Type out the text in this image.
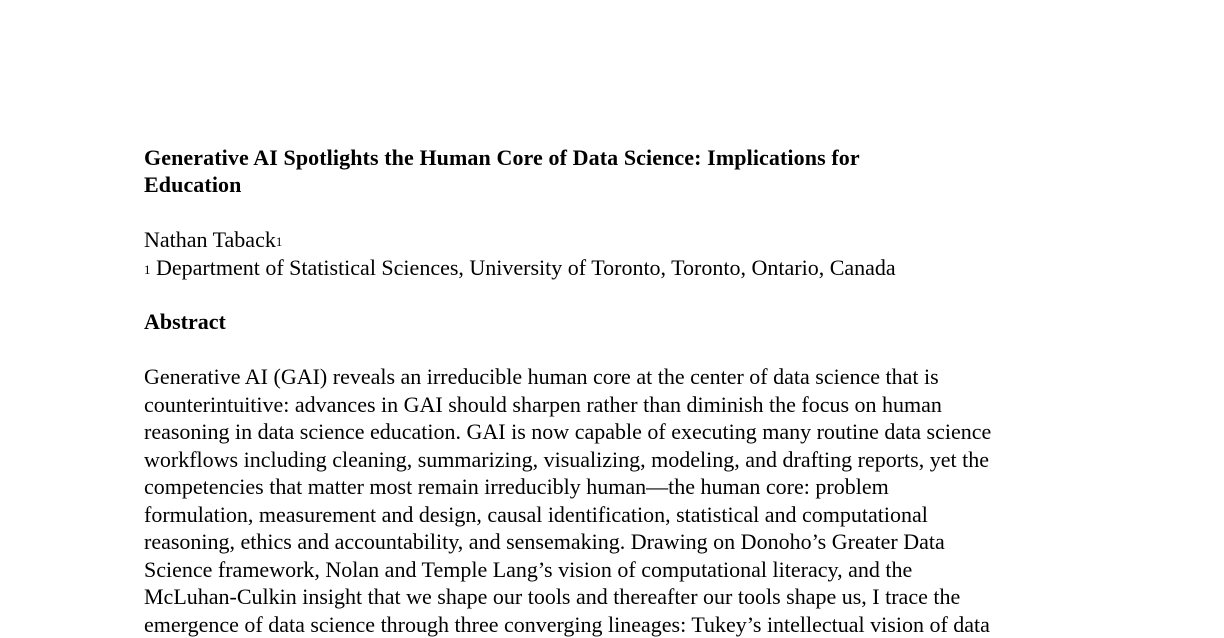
Generative AI Spotlights the Human Core of Data Science: Implications for
Education
Nathan Taback$^1$
$^1$ Department of Statistical Sciences, University of Toronto, Toronto, Ontario, Canada
Abstract
Generative AI (GAI) reveals an irreducible human core at the center of data science that is
counterintuitive: advances in GAI should sharpen rather than diminish the focus on human
reasoning in data science education. GAI is now capable of executing many routine data science
workflows including cleaning, summarizing, visualizing, modeling, and drafting reports, yet the
competencies that matter most remain irreducibly human—the human core: problem
formulation, measurement and design, causal identification, statistical and computational
reasoning, ethics and accountability, and sensemaking. Drawing on Donoho’s Greater Data
Science framework, Nolan and Temple Lang’s vision of computational literacy, and the
McLuhan-Culkin insight that we shape our tools and thereafter our tools shape us, I trace the
emergence of data science through three converging lineages: Tukey’s intellectual vision of data
